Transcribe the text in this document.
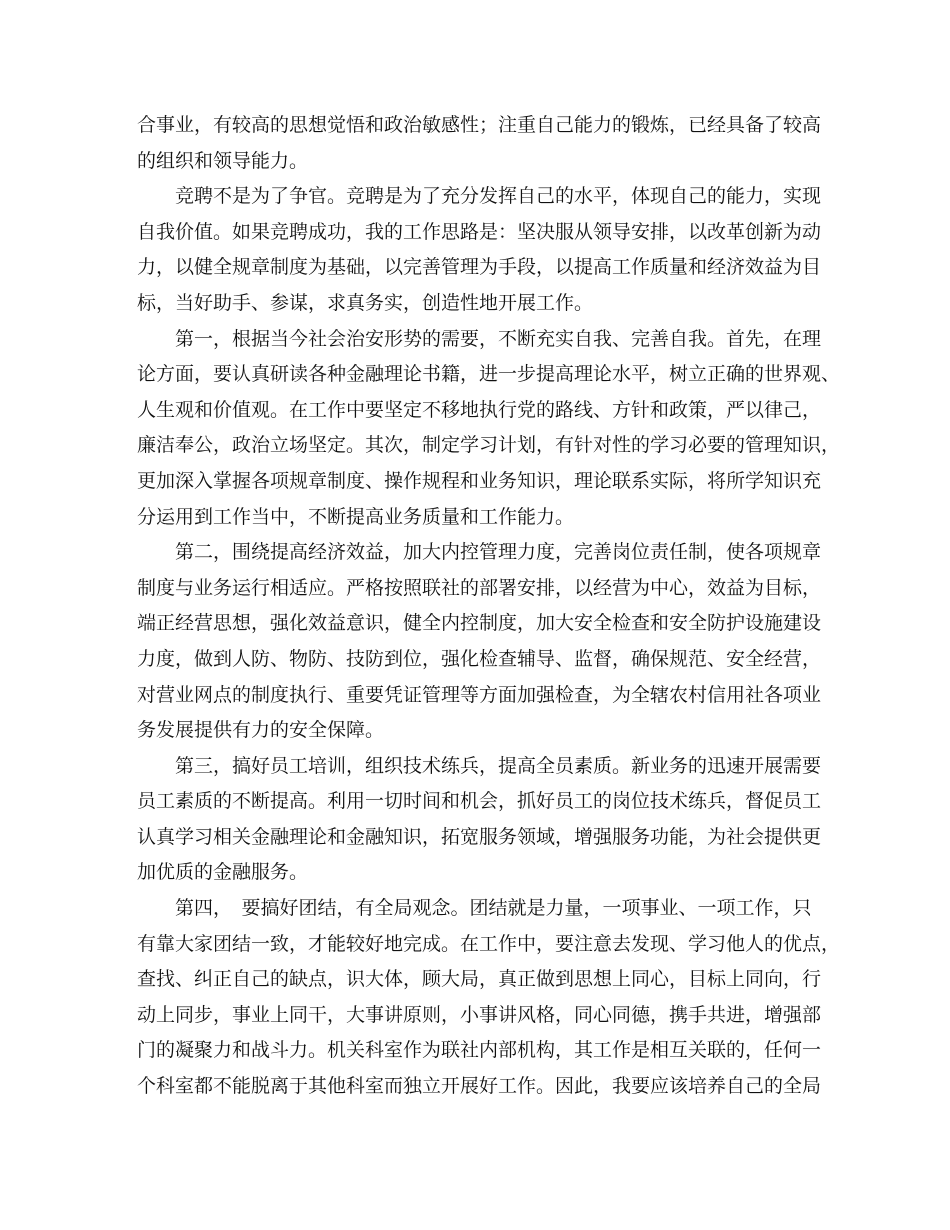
合事业，有较高的思想觉悟和政治敏感性；注重自己能力的锻炼，已经具备了较高

的组织和领导能力。

　　竞聘不是为了争官。竞聘是为了充分发挥自己的水平，体现自己的能力，实现

自我价值。如果竞聘成功，我的工作思路是：坚决服从领导安排，以改革创新为动

力，以健全规章制度为基础，以完善管理为手段，以提高工作质量和经济效益为目

标，当好助手、参谋，求真务实，创造性地开展工作。

　　第一，根据当今社会治安形势的需要，不断充实自我、完善自我。首先，在理

论方面，要认真研读各种金融理论书籍，进一步提高理论水平，树立正确的世界观、

人生观和价值观。在工作中要坚定不移地执行党的路线、方针和政策，严以律己，

廉洁奉公，政治立场坚定。其次，制定学习计划，有针对性的学习必要的管理知识，

更加深入掌握各项规章制度、操作规程和业务知识，理论联系实际，将所学知识充

分运用到工作当中，不断提高业务质量和工作能力。

　　第二，围绕提高经济效益，加大内控管理力度，完善岗位责任制，使各项规章

制度与业务运行相适应。严格按照联社的部署安排，以经营为中心，效益为目标，

端正经营思想，强化效益意识，健全内控制度，加大安全检查和安全防护设施建设

力度，做到人防、物防、技防到位，强化检查辅导、监督，确保规范、安全经营，

对营业网点的制度执行、重要凭证管理等方面加强检查，为全辖农村信用社各项业

务发展提供有力的安全保障。

　　第三，搞好员工培训，组织技术练兵，提高全员素质。新业务的迅速开展需要

员工素质的不断提高。利用一切时间和机会，抓好员工的岗位技术练兵，督促员工

认真学习相关金融理论和金融知识，拓宽服务领域，增强服务功能，为社会提供更

加优质的金融服务。

　　第四，　要搞好团结，有全局观念。团结就是力量，一项事业、一项工作，只

有靠大家团结一致，才能较好地完成。在工作中，要注意去发现、学习他人的优点，

查找、纠正自己的缺点，识大体，顾大局，真正做到思想上同心，目标上同向，行

动上同步，事业上同干，大事讲原则，小事讲风格，同心同德，携手共进，增强部

门的凝聚力和战斗力。机关科室作为联社内部机构，其工作是相互关联的，任何一

个科室都不能脱离于其他科室而独立开展好工作。因此，我要应该培养自己的全局
